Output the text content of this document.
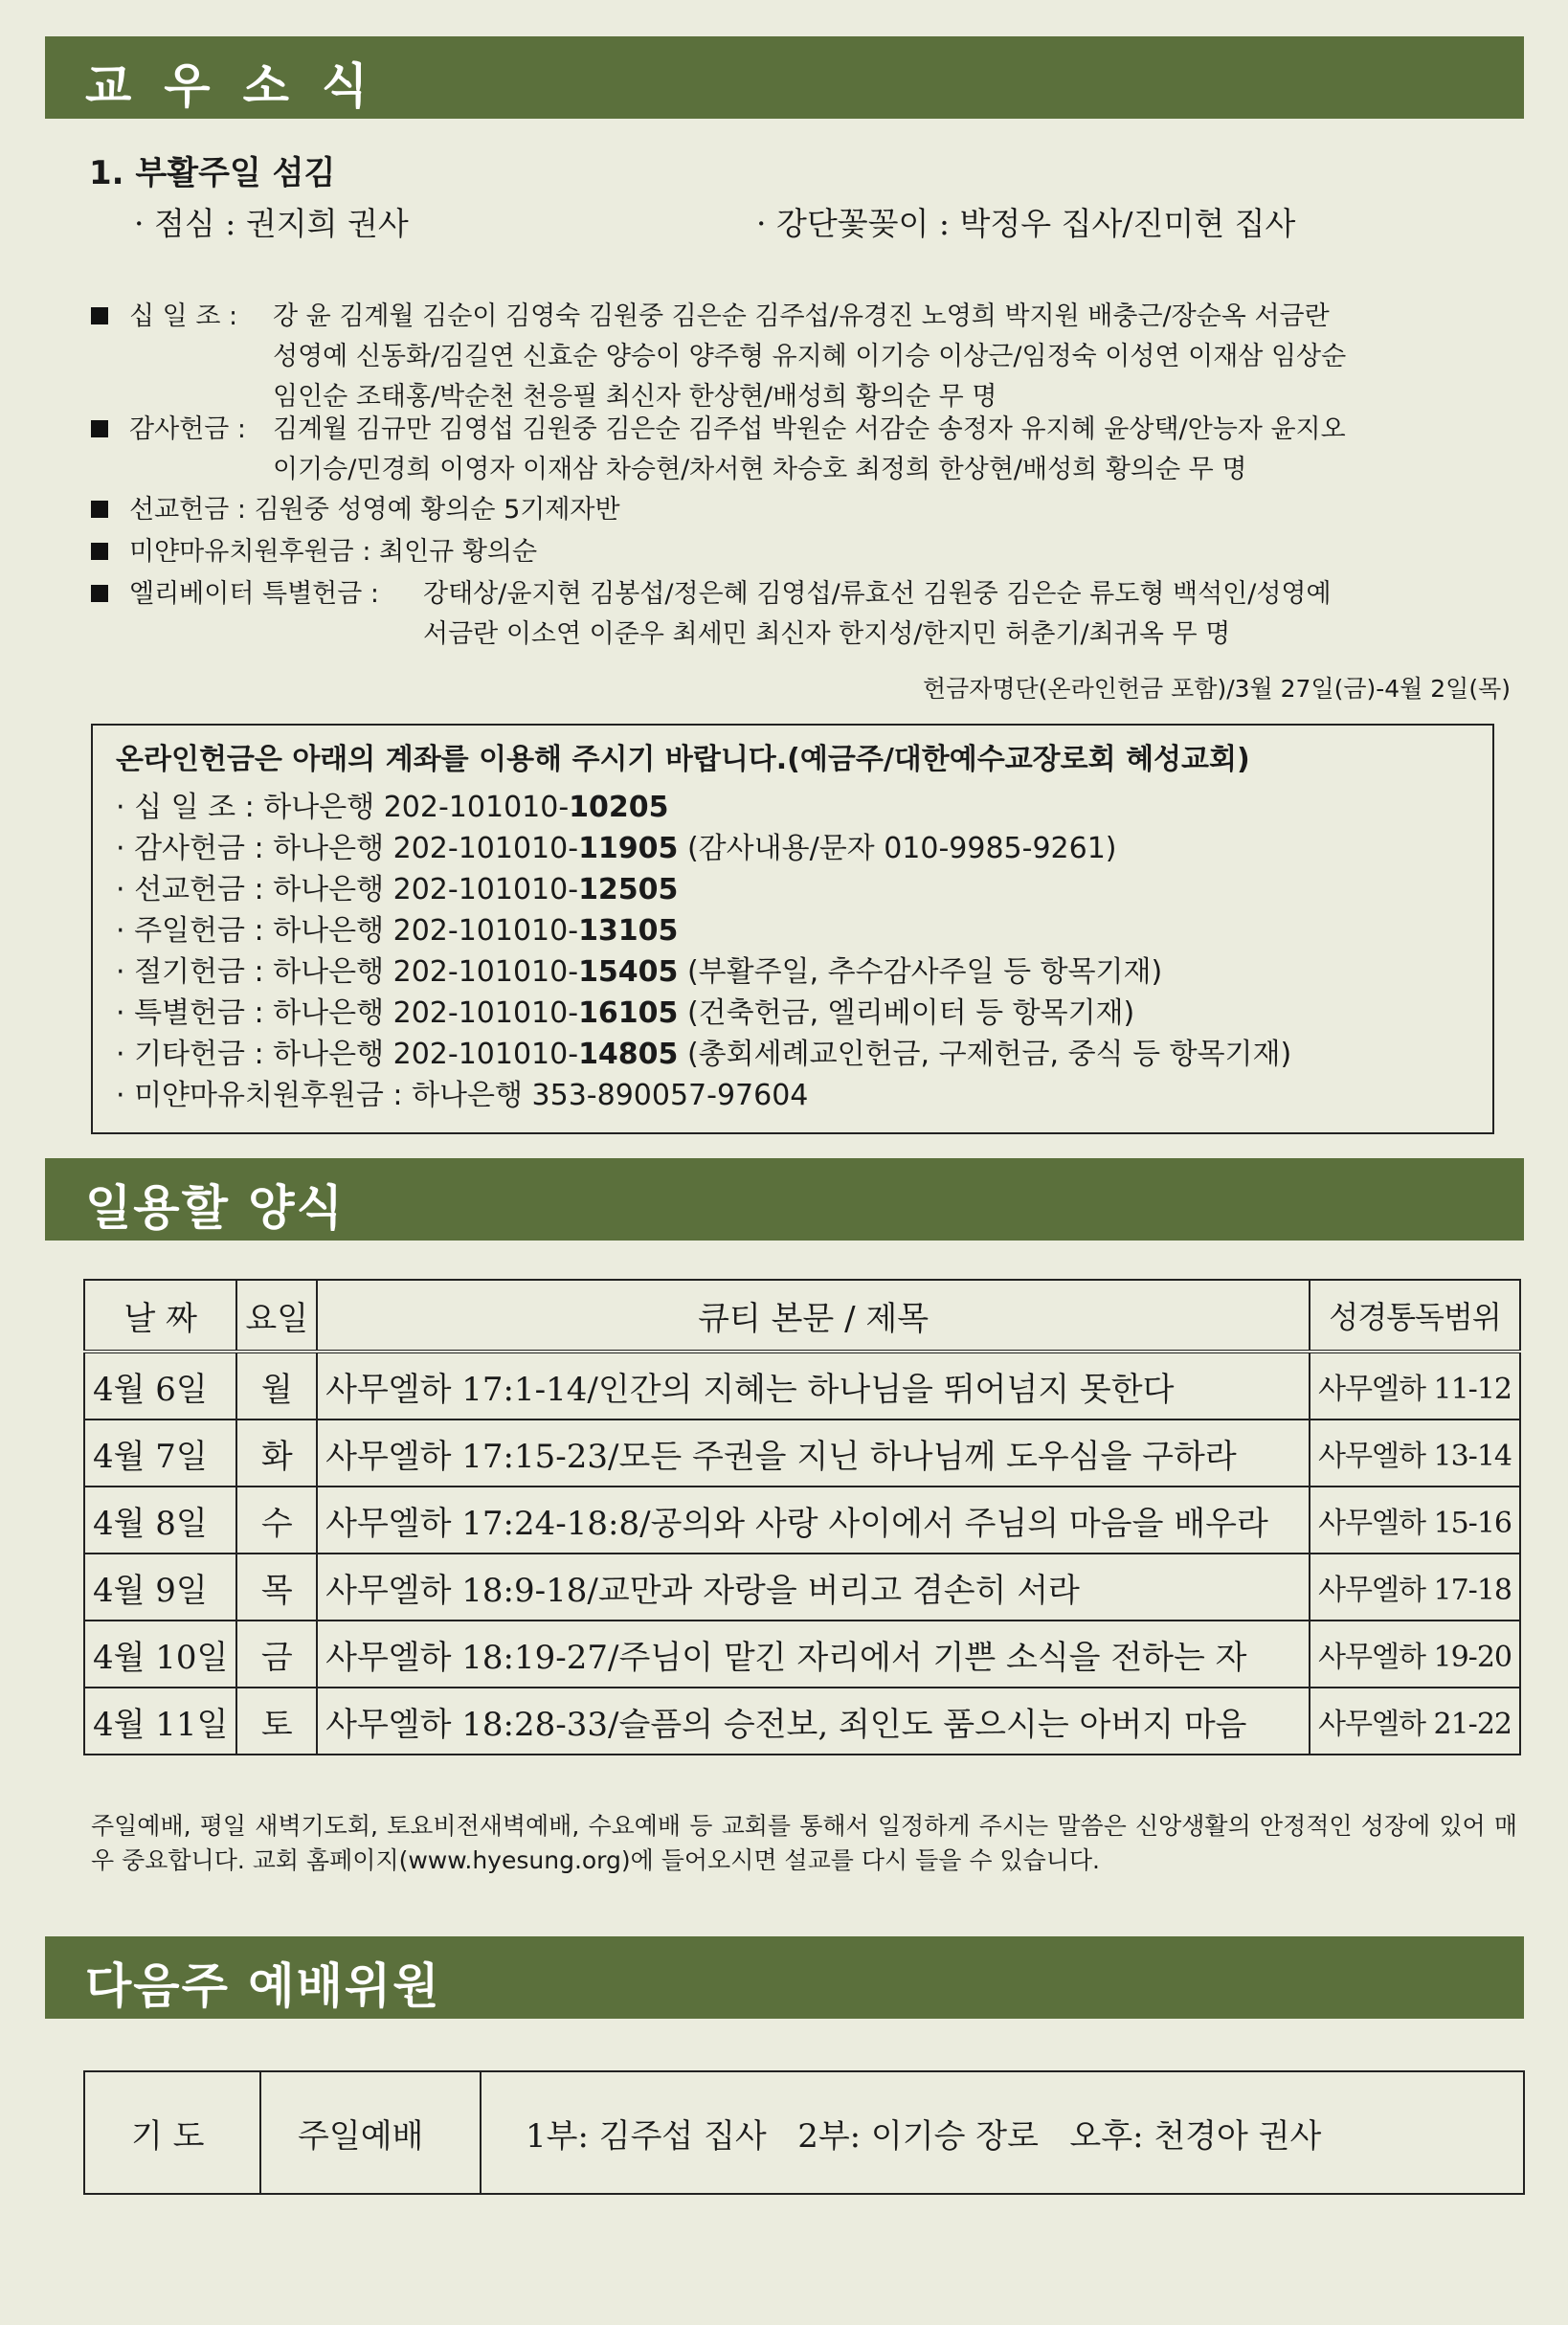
교우소식
1. 부활주일 섬김
· 점심 : 권지희 권사	· 강단꽃꽂이 : 박정우 집사/진미현 집사
십 일 조 : 강 윤 김계월 김순이 김영숙 김원중 김은순 김주섭/유경진 노영희 박지원 배충근/장순옥 서금란
성영예 신동화/김길연 신효순 양승이 양주형 유지혜 이기승 이상근/임정숙 이성연 이재삼 임상순
임인순 조태홍/박순천 천응필 최신자 한상현/배성희 황의순 무 명
감사헌금 : 김계월 김규만 김영섭 김원중 김은순 김주섭 박원순 서감순 송정자 유지혜 윤상택/안능자 윤지오
이기승/민경희 이영자 이재삼 차승현/차서현 차승호 최정희 한상현/배성희 황의순 무 명
선교헌금 : 김원중 성영예 황의순 5기제자반
미얀마유치원후원금 : 최인규 황의순
엘리베이터 특별헌금 : 강태상/윤지현 김봉섭/정은혜 김영섭/류효선 김원중 김은순 류도형 백석인/성영예
서금란 이소연 이준우 최세민 최신자 한지성/한지민 허춘기/최귀옥 무 명
헌금자명단(온라인헌금 포함)/3월 27일(금)-4월 2일(목)
온라인헌금은 아래의 계좌를 이용해 주시기 바랍니다.(예금주/대한예수교장로회 혜성교회)
· 십 일 조 : 하나은행 202-101010-10205
· 감사헌금 : 하나은행 202-101010-11905 (감사내용/문자 010-9985-9261)
· 선교헌금 : 하나은행 202-101010-12505
· 주일헌금 : 하나은행 202-101010-13105
· 절기헌금 : 하나은행 202-101010-15405 (부활주일, 추수감사주일 등 항목기재)
· 특별헌금 : 하나은행 202-101010-16105 (건축헌금, 엘리베이터 등 항목기재)
· 기타헌금 : 하나은행 202-101010-14805 (총회세례교인헌금, 구제헌금, 중식 등 항목기재)
· 미얀마유치원후원금 : 하나은행 353-890057-97604
일용할 양식
날 짜	요일	큐티 본문 / 제목	성경통독범위
4월 6일	월	사무엘하 17:1-14/인간의 지혜는 하나님을 뛰어넘지 못한다	사무엘하 11-12
4월 7일	화	사무엘하 17:15-23/모든 주권을 지닌 하나님께 도우심을 구하라	사무엘하 13-14
4월 8일	수	사무엘하 17:24-18:8/공의와 사랑 사이에서 주님의 마음을 배우라	사무엘하 15-16
4월 9일	목	사무엘하 18:9-18/교만과 자랑을 버리고 겸손히 서라	사무엘하 17-18
4월 10일	금	사무엘하 18:19-27/주님이 맡긴 자리에서 기쁜 소식을 전하는 자	사무엘하 19-20
4월 11일	토	사무엘하 18:28-33/슬픔의 승전보, 죄인도 품으시는 아버지 마음	사무엘하 21-22
주일예배, 평일 새벽기도회, 토요비전새벽예배, 수요예배 등 교회를 통해서 일정하게 주시는 말씀은 신앙생활의 안정적인 성장에 있어 매우 중요합니다. 교회 홈페이지(www.hyesung.org)에 들어오시면 설교를 다시 들을 수 있습니다.
다음주 예배위원
기 도	주일예배	1부: 김주섭 집사   2부: 이기승 장로   오후: 천경아 권사
